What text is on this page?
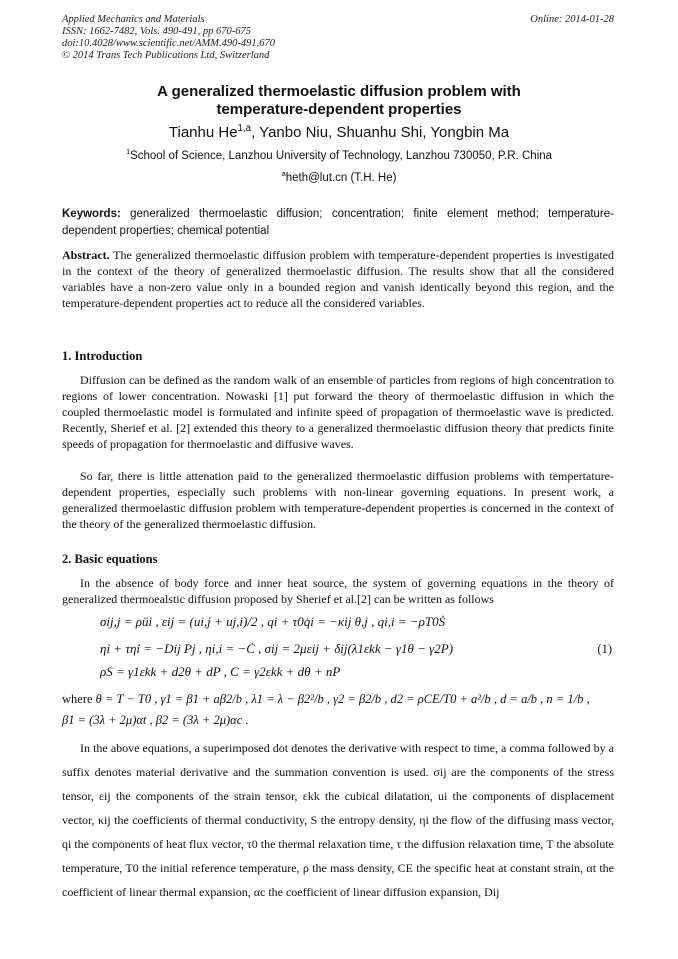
Applied Mechanics and Materials
ISSN: 1662-7482, Vols. 490-491, pp 670-675
doi:10.4028/www.scientific.net/AMM.490-491.670
© 2014 Trans Tech Publications Ltd, Switzerland
Online: 2014-01-28
A generalized thermoelastic diffusion problem with temperature-dependent properties
Tianhu He$^{1,a}$, Yanbo Niu, Shuanhu Shi, Yongbin Ma
$^1$School of Science, Lanzhou University of Technology, Lanzhou 730050, P.R. China
$^a$heth@lut.cn (T.H. He)
Keywords: generalized thermoelastic diffusion; concentration; finite element method; temperature-dependent properties; chemical potential
Abstract. The generalized thermoelastic diffusion problem with temperature-dependent properties is investigated in the context of the theory of generalized thermoelastic diffusion. The results show that all the considered variables have a non-zero value only in a bounded region and vanish identically beyond this region, and the temperature-dependent properties act to reduce all the considered variables.
1. Introduction
Diffusion can be defined as the random walk of an ensemble of particles from regions of high concentration to regions of lower concentration. Nowaski [1] put forward the theory of thermoelastic diffusion in which the coupled thermoelastic model is formulated and infinite speed of propagation of thermoelastic wave is predicted. Recently, Sherief et al. [2] extended this theory to a generalized thermoelastic diffusion theory that predicts finite speeds of propagation for thermoelastic and diffusive waves.
So far, there is little attenation paid to the generalized thermoelastic diffusion problems with tempertature-dependent properties, especially such problems with non-linear governing equations. In present work, a generalized thermoelastic diffusion problem with temperature-dependent properties is concerned in the context of the theory of the generalized thermoelastic diffusion.
2. Basic equations
In the absence of body force and inner heat source, the system of governing equations in the theory of generalized thermoealstic diffusion proposed by Sherief et al.[2] can be written as follows
σij,j = ρüi , εij = (ui,j + uj,i)/2 , qi + τ0q̇i = −κij θ,j , qi,i = −ρT0Ṡ
ηi + τη̇i = −Dij Pj , ηi,i = −Ċ , σij = 2μεij + δij(λ1εkk − γ1θ − γ2P)
ρS = γ1εkk + d2θ + dP , C = γ2εkk + dθ + nP
(1)
where θ = T − T0 , γ1 = β1 + aβ2/b , λ1 = λ − β2²/b , γ2 = β2/b , d2 = ρCE/T0 + a²/b , d = a/b , n = 1/b ,
β1 = (3λ + 2μ)αt , β2 = (3λ + 2μ)αc .
In the above equations, a superimposed dot denotes the derivative with respect to time, a comma followed by a suffix denotes material derivative and the summation convention is used. σij are the components of the stress tensor, εij the components of the strain tensor, εkk the cubical dilatation, ui the components of displacement vector, κij the coefficients of thermal conductivity, S the entropy density, ηi the flow of the diffusing mass vector, qi the components of heat flux vector, τ0 the thermal relaxation time, τ the diffusion relaxation time, T the absolute temperature, T0 the initial reference temperature, ρ the mass density, CE the specific heat at constant strain, αt the coefficient of linear thermal expansion, αc the coefficient of linear diffusion expansion, Dij
